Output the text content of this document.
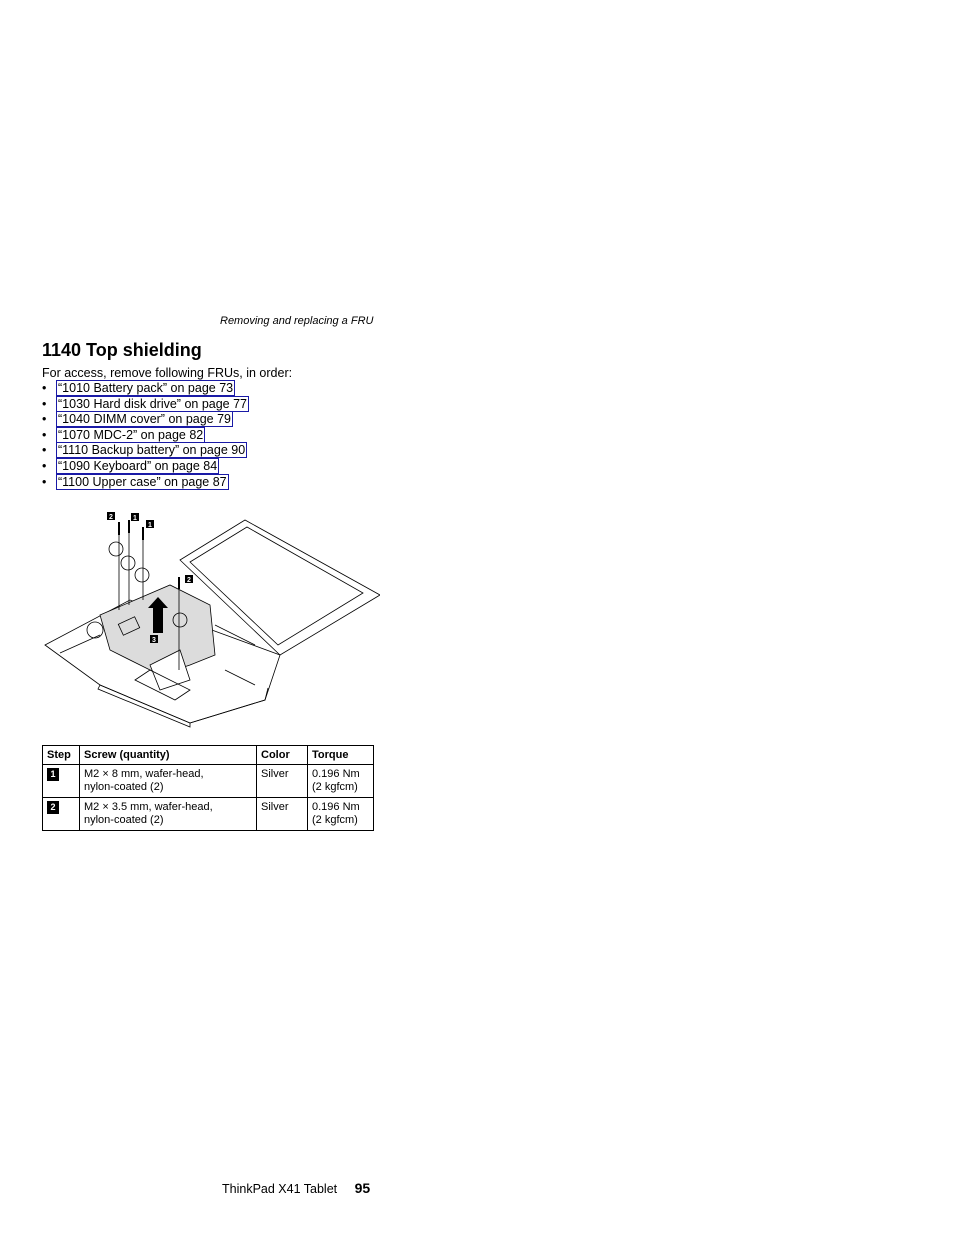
Removing and replacing a FRU
1140 Top shielding
For access, remove following FRUs, in order:
• “1010 Battery pack” on page 73
• “1030 Hard disk drive” on page 77
• “1040 DIMM cover” on page 79
• “1070 MDC-2” on page 82
• “1110 Backup battery” on page 90
• “1090 Keyboard” on page 84
• “1100 Upper case” on page 87
2	1
1
2
3
Step	Screw (quantity)	Color	Torque
1	M2 × 8 mm, wafer-head,
nylon-coated (2)	Silver	0.196 Nm
(2 kgfcm)
2	M2 × 3.5 mm, wafer-head,
nylon-coated (2)	Silver	0.196 Nm
(2 kgfcm)
ThinkPad X41 Tablet 95
